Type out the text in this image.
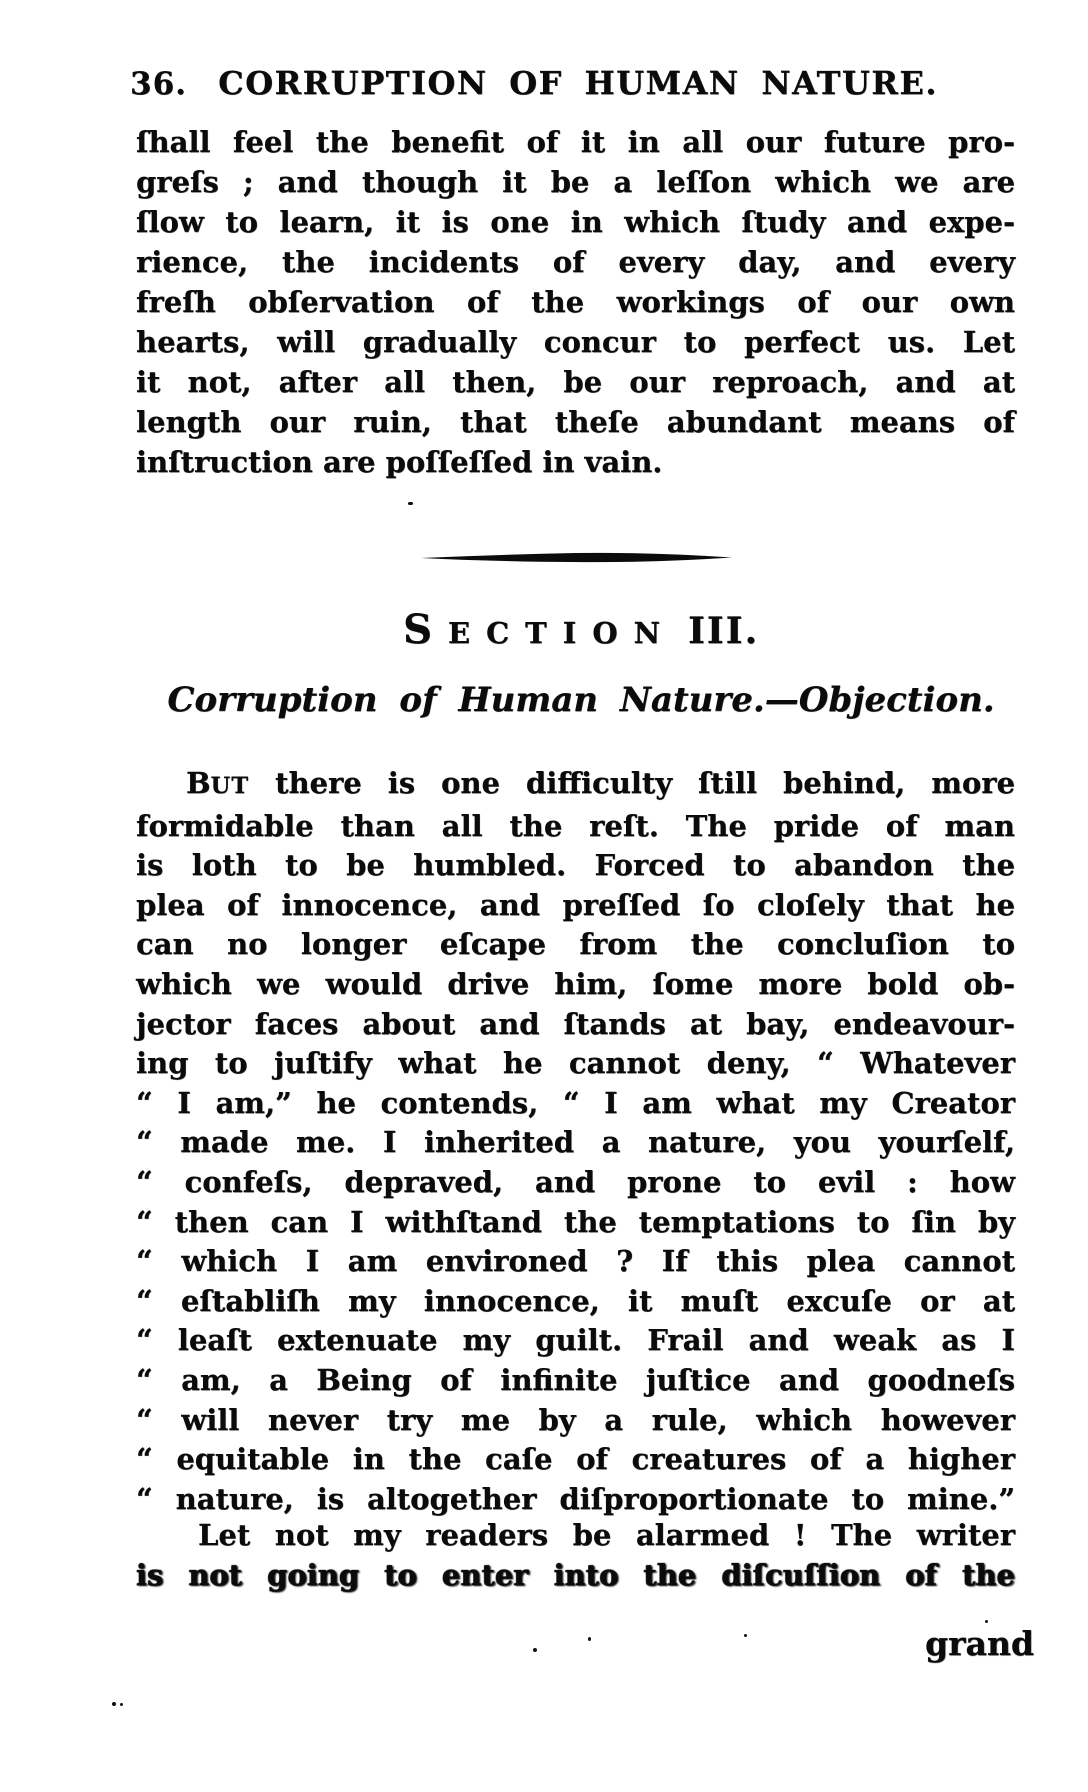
36. CORRUPTION OF HUMAN NATURE.
ſhall feel the benefit of it in all our future pro-
greſs ; and though it be a leſſon which we are
ſlow to learn, it is one in which ſtudy and expe-
rience, the incidents of every day, and every
freſh obſervation of the workings of our own
hearts, will gradually concur to perfect us. Let
it not, after all then, be our reproach, and at
length our ruin, that theſe abundant means of
inſtruction are poſſeſſed in vain.
SECTION III.
Corruption of Human Nature.—Objection.
BUT there is one difficulty ſtill behind, more
formidable than all the reſt. The pride of man
is loth to be humbled. Forced to abandon the
plea of innocence, and preſſed ſo cloſely that he
can no longer eſcape from the concluſion to
which we would drive him, ſome more bold ob-
jector faces about and ſtands at bay, endeavour-
ing to juſtify what he cannot deny, “ Whatever
“ I am,” he contends, “ I am what my Creator
“ made me. I inherited a nature, you yourſelf,
“ confeſs, depraved, and prone to evil : how
“ then can I withſtand the temptations to ſin by
“ which I am environed ? If this plea cannot
“ eſtabliſh my innocence, it muſt excuſe or at
“ leaſt extenuate my guilt. Frail and weak as I
“ am, a Being of infinite juſtice and goodneſs
“ will never try me by a rule, which however
“ equitable in the caſe of creatures of a higher
“ nature, is altogether diſproportionate to mine.”
Let not my readers be alarmed ! The writer
is not going to enter into the diſcuſſion of the
grand
